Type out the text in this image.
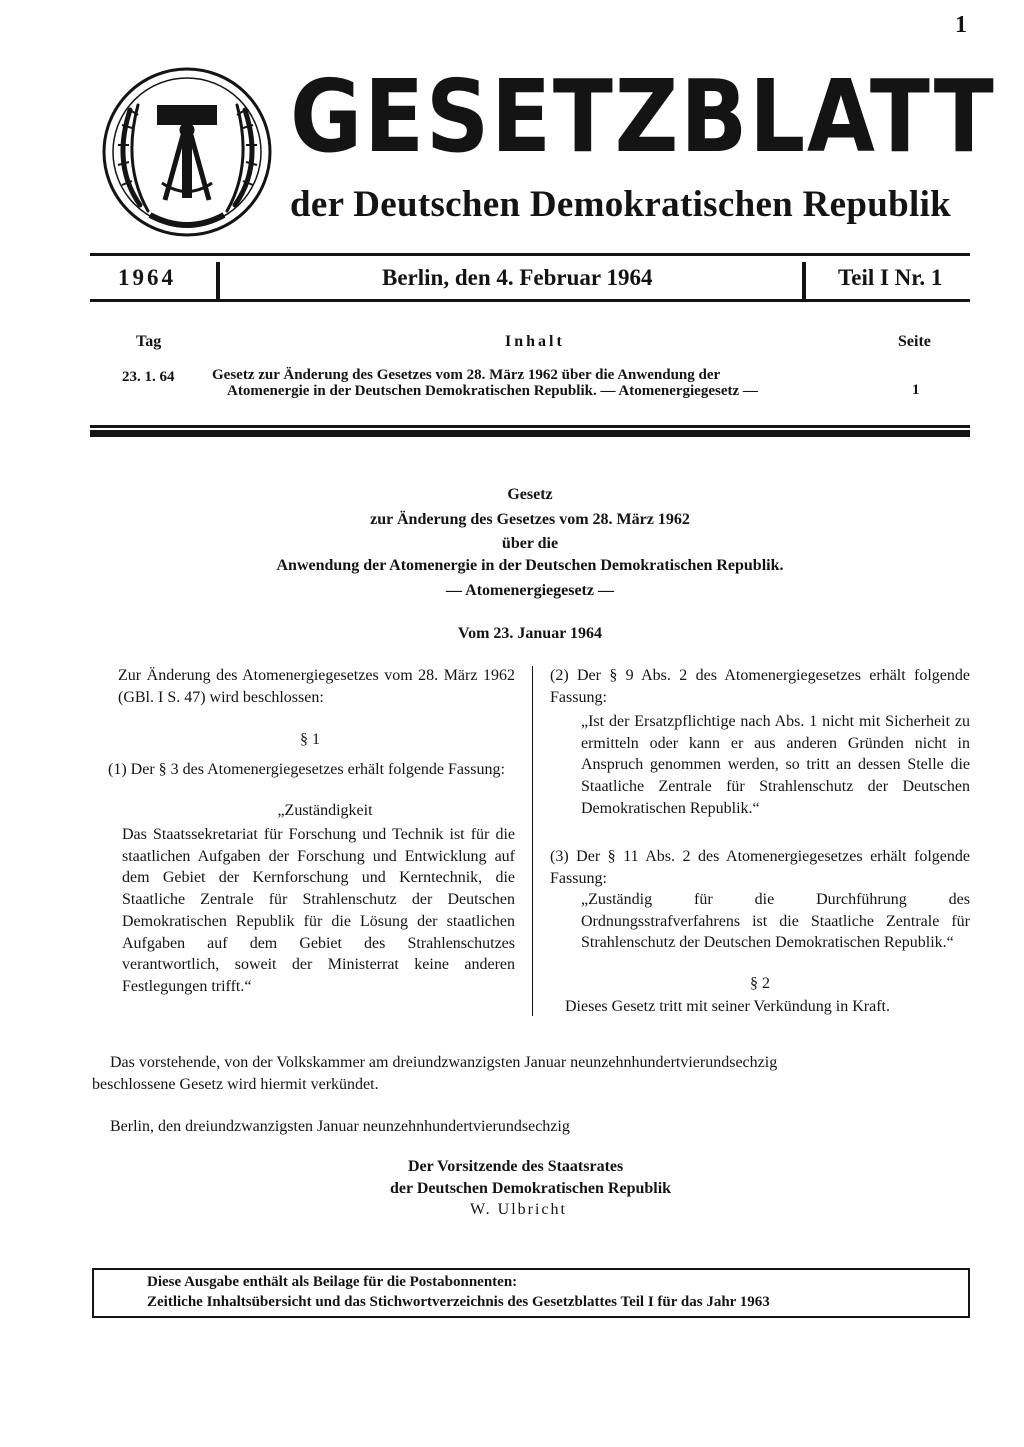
1
GESETZBLATT
der Deutschen Demokratischen Republik
1964	Berlin, den 4. Februar 1964	Teil I Nr. 1
Tag	Inhalt	Seite
23. 1. 64	Gesetz zur Änderung des Gesetzes vom 28. März 1962 über die Anwendung der
Atomenergie in der Deutschen Demokratischen Republik. — Atomenergiegesetz —	1
Gesetz
zur Änderung des Gesetzes vom 28. März 1962
über die
Anwendung der Atomenergie in der Deutschen Demokratischen Republik.
— Atomenergiegesetz —
Vom 23. Januar 1964
Zur Änderung des Atomenergiegesetzes vom 28. März 1962 (GBl. I S. 47) wird beschlossen:
§ 1
(1) Der § 3 des Atomenergiegesetzes erhält folgende Fassung:
„Zuständigkeit
Das Staatssekretariat für Forschung und Technik ist für die staatlichen Aufgaben der Forschung und Entwicklung auf dem Gebiet der Kernforschung und Kerntechnik, die Staatliche Zentrale für Strahlenschutz der Deutschen Demokratischen Republik für die Lösung der staatlichen Aufgaben auf dem Gebiet des Strahlenschutzes verantwortlich, soweit der Ministerrat keine anderen Festlegungen trifft.“
(2) Der § 9 Abs. 2 des Atomenergiegesetzes erhält folgende Fassung:
„Ist der Ersatzpflichtige nach Abs. 1 nicht mit Sicherheit zu ermitteln oder kann er aus anderen Gründen nicht in Anspruch genommen werden, so tritt an dessen Stelle die Staatliche Zentrale für Strahlenschutz der Deutschen Demokratischen Republik.“
(3) Der § 11 Abs. 2 des Atomenergiegesetzes erhält folgende Fassung:
„Zuständig für die Durchführung des Ordnungsstrafverfahrens ist die Staatliche Zentrale für Strahlenschutz der Deutschen Demokratischen Republik.“
§ 2
Dieses Gesetz tritt mit seiner Verkündung in Kraft.
Das vorstehende, von der Volkskammer am dreiundzwanzigsten Januar neunzehnhundertvierundsechzig
beschlossene Gesetz wird hiermit verkündet.
Berlin, den dreiundzwanzigsten Januar neunzehnhundertvierundsechzig
Der Vorsitzende des Staatsrates
der Deutschen Demokratischen Republik
W. Ulbricht
Diese Ausgabe enthält als Beilage für die Postabonnenten:
Zeitliche Inhaltsübersicht und das Stichwortverzeichnis des Gesetzblattes Teil I für das Jahr 1963
